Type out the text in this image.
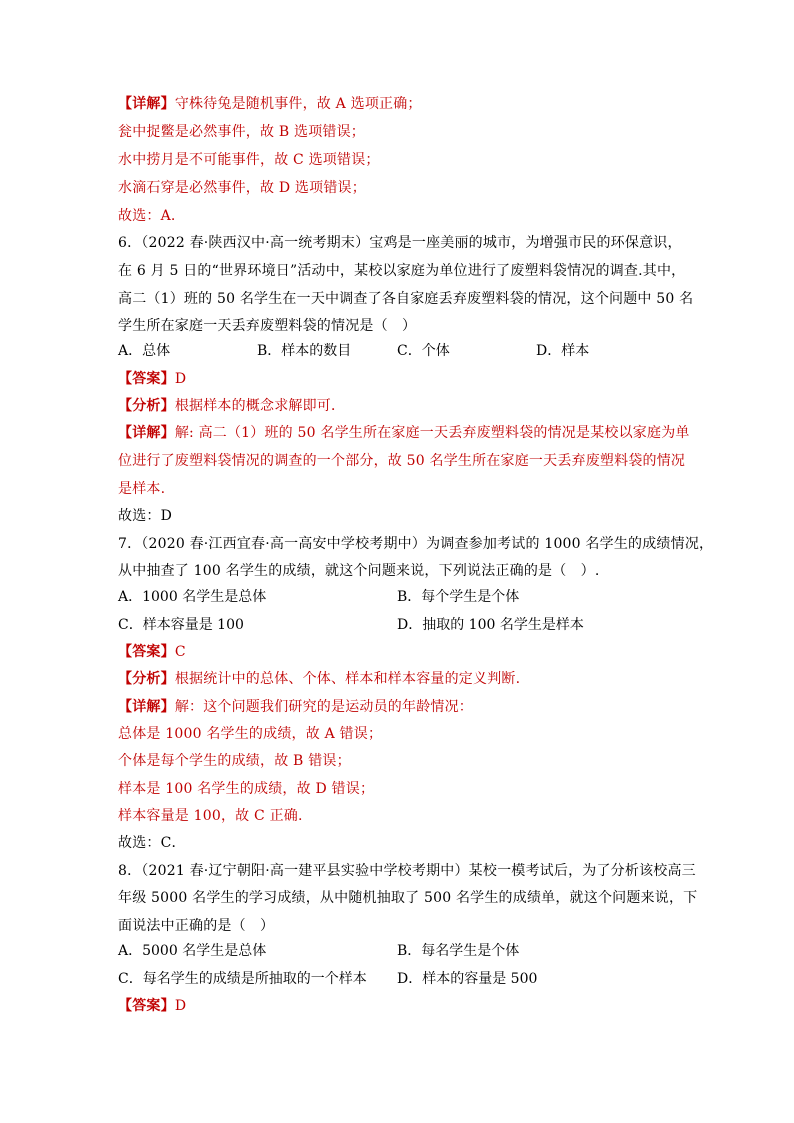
【详解】守株待兔是随机事件，故 A 选项正确；
瓮中捉鳖是必然事件，故 B 选项错误；
水中捞月是不可能事件，故 C 选项错误；
水滴石穿是必然事件，故 D 选项错误；
故选：A.
6．（2022 春·陕西汉中·高一统考期末）宝鸡是一座美丽的城市，为增强市民的环保意识，
在 6 月 5 日的“世界环境日”活动中，某校以家庭为单位进行了废塑料袋情况的调查.其中，
高二（1）班的 50 名学生在一天中调查了各自家庭丢弃废塑料袋的情况，这个问题中 50 名
学生所在家庭一天丢弃废塑料袋的情况是（　）
A．总体	B．样本的数目	C．个体	D．样本
【答案】D
【分析】根据样本的概念求解即可．
【详解】解: 高二（1）班的 50 名学生所在家庭一天丢弃废塑料袋的情况是某校以家庭为单
位进行了废塑料袋情况的调查的一个部分，故 50 名学生所在家庭一天丢弃废塑料袋的情况
是样本.
故选：D
7．（2020 春·江西宜春·高一高安中学校考期中）为调查参加考试的 1000 名学生的成绩情况，
从中抽查了 100 名学生的成绩，就这个问题来说，下列说法正确的是（　）.
A．1000 名学生是总体	B．每个学生是个体
C．样本容量是 100	D．抽取的 100 名学生是样本
【答案】C
【分析】根据统计中的总体、个体、样本和样本容量的定义判断.
【详解】解：这个问题我们研究的是运动员的年龄情况：
总体是 1000 名学生的成绩，故 A 错误；
个体是每个学生的成绩，故 B 错误；
样本是 100 名学生的成绩，故 D 错误；
样本容量是 100，故 C 正确.
故选：C．
8．（2021 春·辽宁朝阳·高一建平县实验中学校考期中）某校一模考试后，为了分析该校高三
年级 5000 名学生的学习成绩，从中随机抽取了 500 名学生的成绩单，就这个问题来说，下
面说法中正确的是（　）
A．5000 名学生是总体	B．每名学生是个体
C．每名学生的成绩是所抽取的一个样本 D．样本的容量是 500
【答案】D
